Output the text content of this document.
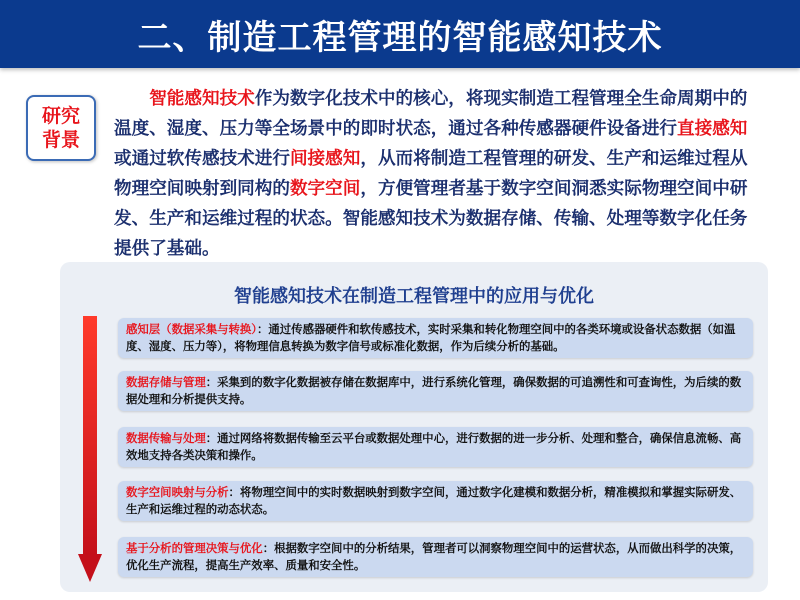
二、制造工程管理的智能感知技术
研究
背景

智能感知技术作为数字化技术中的核心，将现实制造工程管理全生命周期中的温度、湿度、压力等全场景中的即时状态，通过各种传感器硬件设备进行直接感知或通过软传感技术进行间接感知，从而将制造工程管理的研发、生产和运维过程从物理空间映射到同构的数字空间，方便管理者基于数字空间洞悉实际物理空间中研发、生产和运维过程的状态。智能感知技术为数据存储、传输、处理等数字化任务提供了基础。

智能感知技术在制造工程管理中的应用与优化

感知层（数据采集与转换）：通过传感器硬件和软传感技术，实时采集和转化物理空间中的各类环境或设备状态数据（如温度、湿度、压力等），将物理信息转换为数字信号或标准化数据，作为后续分析的基础。
数据存储与管理：采集到的数字化数据被存储在数据库中，进行系统化管理，确保数据的可追溯性和可查询性，为后续的数据处理和分析提供支持。
数据传输与处理：通过网络将数据传输至云平台或数据处理中心，进行数据的进一步分析、处理和整合，确保信息流畅、高效地支持各类决策和操作。
数字空间映射与分析：将物理空间中的实时数据映射到数字空间，通过数字化建模和数据分析，精准模拟和掌握实际研发、生产和运维过程的动态状态。
基于分析的管理决策与优化：根据数字空间中的分析结果，管理者可以洞察物理空间中的运营状态，从而做出科学的决策，优化生产流程，提高生产效率、质量和安全性。
